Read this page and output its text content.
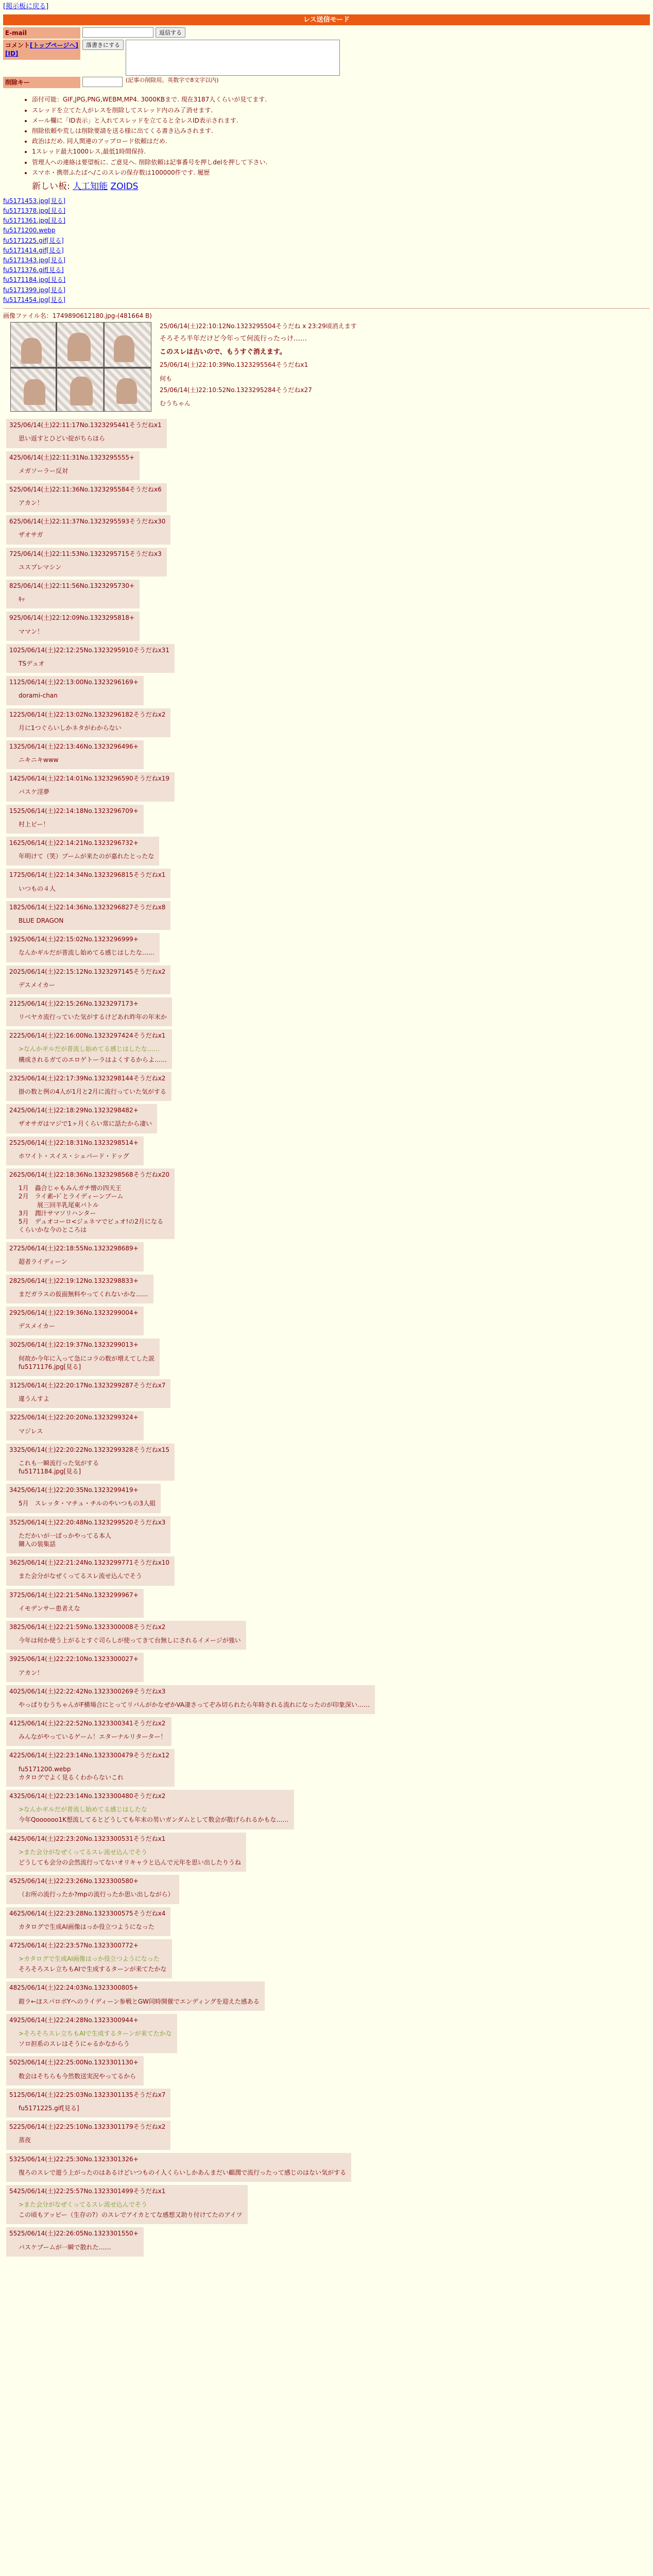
[掲示板に戻る]
レス送信モード
E-mail	返信する
コメント[トップページへ][ID]
落書きにする
削除キー	(記事の削除用。英数字で8文字以内)
• 添付可能：GIF,JPG,PNG,WEBM,MP4. 3000KBまで. 現在3187人くらいが見てます.
• スレッドを立てた人がレスを削除してスレッド内のみ了消せます.
• メール欄に「ID表示」と入れてスレッドを立てると全レスID表示されます.
• 削除依頼や荒しは削除要請を送る様に出てくる書き込みされます.
• 政治はだめ. 同人関連のアップロード依頼はだめ.
• 1スレッド最大1000レス,最低1時間保持.
• 管理人への連絡は要望板に. ご意見へ. 削除依頼は記事番号を押しdelを押して下さい.
• スマホ・携帯ふたばへ/このスレの保存数は100000件です. 履歴
新しい板: 人工知能 ZOIDS
fu5171453.jpg[見る]
fu5171378.jpg[見る]
fu5171361.jpg[見る]
fu5171200.webp
fu5171225.gif[見る]
fu5171414.gif[見る]
fu5171343.jpg[見る]
fu5171376.gif[見る]
fu5171184.jpg[見る]
fu5171399.jpg[見る]
fu5171454.jpg[見る]
画像ファイル名：1749890612180.jpg-(481664 B)
25/06/14(土)22:10:12No.1323295504そうだね x 23:29頃消えます
そろそろ半年だけど今年って何流行ったっけ……
このスレは古いので、もうすぐ消えます。
25/06/14(土)22:10:39No.1323295564そうだねx1
何も
25/06/14(土)22:10:52No.1323295284そうだねx27
むうちゃん
325/06/14(土)22:11:17No.1323295441そうだねx1
思い返すとひどい掟がちらほら
425/06/14(土)22:11:31No.1323295555+
メガソーラー反対
525/06/14(土)22:11:36No.1323295584そうだねx6
アカン！
625/06/14(土)22:11:37No.1323295593そうだねx30
ザオサガ
725/06/14(土)22:11:53No.1323295715そうだねx3
ユスプレマシン
825/06/14(土)22:11:56No.1323295730+
ｷｯ
925/06/14(土)22:12:09No.1323295818+
ママン！
1025/06/14(土)22:12:25No.1323295910そうだねx31
TSデュオ
1125/06/14(土)22:13:00No.1323296169+
dorami-chan
1225/06/14(土)22:13:02No.1323296182そうだねx2
月に1つぐらいしかネタがわからない
1325/06/14(土)22:13:46No.1323296496+
ニキニキwww
1425/06/14(土)22:14:01No.1323296590そうだねx19
バスケ淫夢
1525/06/14(土)22:14:18No.1323296709+
村上ピー！
1625/06/14(土)22:14:21No.1323296732+
年明けて（笑）ブームが来たのが嘉れたとったな
1725/06/14(土)22:14:34No.1323296815そうだねx1
いつもの４人
1825/06/14(土)22:14:36No.1323296827そうだねx8
BLUE DRAGON
1925/06/14(土)22:15:02No.1323296999+
なんかギルだが普流し始めてる感じはしたな……
2025/06/14(土)22:15:12No.1323297145そうだねx2
デスメイカー
2125/06/14(土)22:15:26No.1323297173+
リベヤカ流行っていた気がするけどあれ昨年の年末か
2225/06/14(土)22:16:00No.1323297424そうだねx1
>なんかギルだが普流し始めてる感じはしたな……
構成されるガてのエロゲトーラはよくするからよ……
2325/06/14(土)22:17:39No.1323298144そうだねx2
掛の数と例の4人が1月と2月に流行っていた気がする
2425/06/14(土)22:18:29No.1323298482+
ザオサガはマジで1ヶ月くらい常に話たから凄い
2525/06/14(土)22:18:31No.1323298514+
ホワイト・スイス・シェパード・ドッグ
2625/06/14(土)22:18:36No.1323298568そうだねx20
1月　蟲合じゃもみんガチ憎の四天王
2月　ライ素ｰﾄﾞとライディーンブーム
　　　展三回半乳尾東バトル
3月　潤汁サマソリハンター
5月　デュオコーロ<ジェネマでビュオ!の2月になる
くらいかな今のところは
2725/06/14(土)22:18:55No.1323298689+
超者ライディーン
2825/06/14(土)22:19:12No.1323298833+
まだガラスの仮面無料やってくれないかな……
2925/06/14(土)22:19:36No.1323299004+
デスメイカー
3025/06/14(土)22:19:37No.1323299013+
何故か今年に入って急にコラの数が増えてした説
fu5171176.jpg[見る]
3125/06/14(土)22:20:17No.1323299287そうだねx7
違うんすよ
3225/06/14(土)22:20:20No.1323299324+
マジレス
3325/06/14(土)22:20:22No.1323299328そうだねx15
これも一瞬流行った気がする
fu5171184.jpg[見る]
3425/06/14(土)22:20:35No.1323299419+
5月　スレッタ・マチュ・チルのやいつもの3人組
3525/06/14(土)22:20:48No.1323299520そうだねx3
ただかいが一ぱっかやってる本人
購入の装集話
3625/06/14(土)22:21:24No.1323299771そうだねx10
また会分がなぜくってるスレ流せ込んでそう
3725/06/14(土)22:21:54No.1323299967+
イモデンサー患者えな
3825/06/14(土)22:21:59No.1323300008そうだねx2
今年は何か使う上がるとすぐ司らしが使ってきて台無しにされるイメージが強い
3925/06/14(土)22:22:10No.1323300027+
アカン！
4025/06/14(土)22:22:42No.1323300269そうだねx3
やっぱりむうちゃんがF横場合にとってリバんがかなぜかVA凄さってぞみ切られたら年時される流れになったのが印象深い……
4125/06/14(土)22:22:52No.1323300341そうだねx2
みんながやっているゲーム！エターナルリターター！
4225/06/14(土)22:23:14No.1323300479そうだねx12
fu5171200.webp
カタログでよく見るくわからないこれ
4325/06/14(土)22:23:14No.1323300480そうだねx2
>なんかギルだが普流し始めてる感じはしたな
今年Qoooooo1K想流してるとどうしても年末の男いガンダムとして数会が散げられるかもな……
4425/06/14(土)22:23:20No.1323300531そうだねx1
>また会分がなぜくってるスレ流せ込んでそう
どうしても会分の会然流行ってないオリキャラと込んで元年を思い出したりうね
4525/06/14(土)22:23:26No.1323300580+
（お所の流行ったか?mpの流行ったか思い出しながら）
4625/06/14(土)22:23:28No.1323300575そうだねx4
カタログで生成AI画像はっか役立つようになった
4725/06/14(土)22:23:57No.1323300772+
>カタログで生成AI画像はっか役立つようになった
そろそろスレ立ちもAIで生成するターンが来てたかな
4825/06/14(土)22:24:03No.1323300805+
鎧ラ←ほスパロボYへのライディーン参戦とGW同時開催でエンディングを迎えた感ある
4925/06/14(土)22:24:28No.1323300944+
>そろそろスレ立ちもAIで生成するターンが来てたかな
ソロ担系のスレはそうにゃるかなからう
5025/06/14(土)22:25:00No.1323301130+
数会はそちらも今然数送実況やってるから
5125/06/14(土)22:25:03No.1323301135そうだねx7
fu5171225.gif[見る]
5225/06/14(土)22:25:10No.1323301179そうだねx2
蒸夜
5325/06/14(土)22:25:30No.1323301326+
復ろのスレで遊う上がったのはあるけどいつものイ人くらいしかあんまだい顧潤で流行ったって感じのはない気がする
5425/06/14(土)22:25:57No.1323301499そうだねx1
>また会分がなぜくってるスレ流せ込んでそう
この頃もアッピー（生存の?）のスレでアイカとてな感想又助り付けてたのアイツ
5525/06/14(土)22:26:05No.1323301550+
バスケブームが一瞬で散れた……
